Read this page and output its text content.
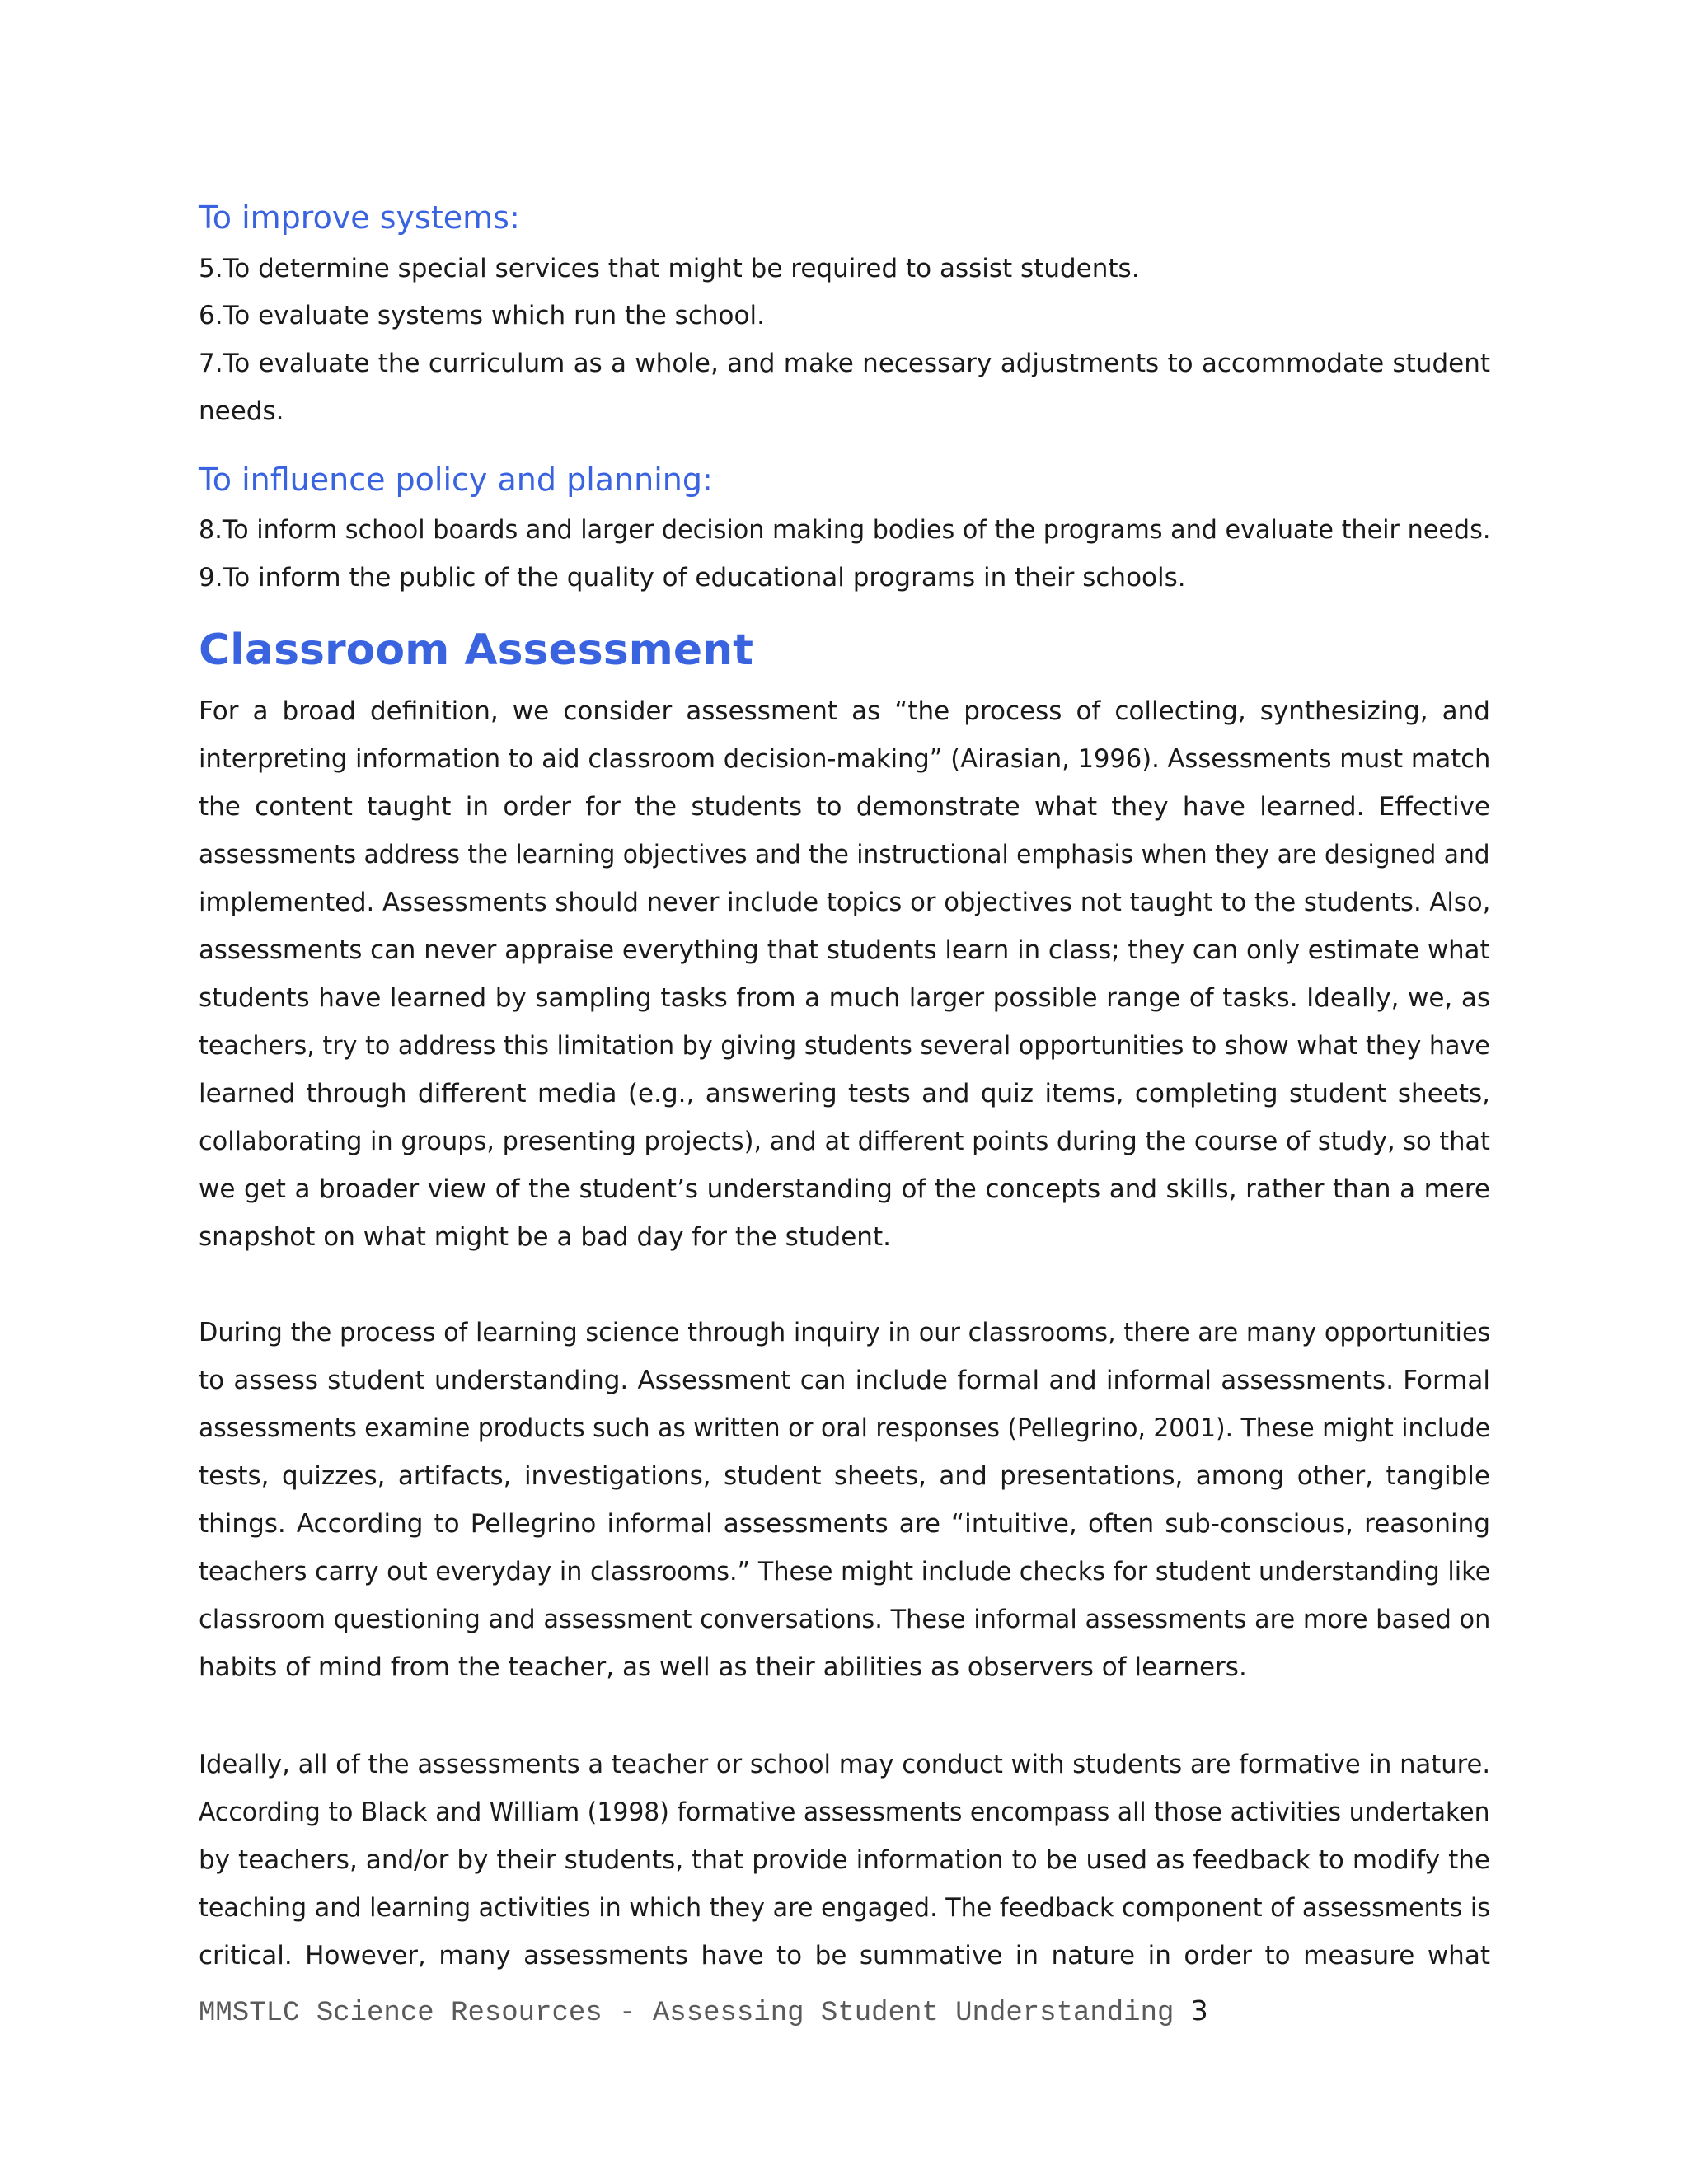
To improve systems:
5.To determine special services that might be required to assist students.
6.To evaluate systems which run the school.
7.To evaluate the curriculum as a whole, and make necessary adjustments to accommodate student
needs.
To influence policy and planning:
8.To inform school boards and larger decision making bodies of the programs and evaluate their needs.
9.To inform the public of the quality of educational programs in their schools.
Classroom Assessment
For a broad definition, we consider assessment as “the process of collecting, synthesizing, and
interpreting information to aid classroom decision-making” (Airasian, 1996). Assessments must match
the content taught in order for the students to demonstrate what they have learned. Effective
assessments address the learning objectives and the instructional emphasis when they are designed and
implemented. Assessments should never include topics or objectives not taught to the students. Also,
assessments can never appraise everything that students learn in class; they can only estimate what
students have learned by sampling tasks from a much larger possible range of tasks. Ideally, we, as
teachers, try to address this limitation by giving students several opportunities to show what they have
learned through different media (e.g., answering tests and quiz items, completing student sheets,
collaborating in groups, presenting projects), and at different points during the course of study, so that
we get a broader view of the student’s understanding of the concepts and skills, rather than a mere
snapshot on what might be a bad day for the student.
During the process of learning science through inquiry in our classrooms, there are many opportunities
to assess student understanding. Assessment can include formal and informal assessments. Formal
assessments examine products such as written or oral responses (Pellegrino, 2001). These might include
tests, quizzes, artifacts, investigations, student sheets, and presentations, among other, tangible
things. According to Pellegrino informal assessments are “intuitive, often sub-conscious, reasoning
teachers carry out everyday in classrooms.” These might include checks for student understanding like
classroom questioning and assessment conversations. These informal assessments are more based on
habits of mind from the teacher, as well as their abilities as observers of learners.
Ideally, all of the assessments a teacher or school may conduct with students are formative in nature.
According to Black and William (1998) formative assessments encompass all those activities undertaken
by teachers, and/or by their students, that provide information to be used as feedback to modify the
teaching and learning activities in which they are engaged. The feedback component of assessments is
critical. However, many assessments have to be summative in nature in order to measure what
MMSTLC Science Resources - Assessing Student Understanding 3
